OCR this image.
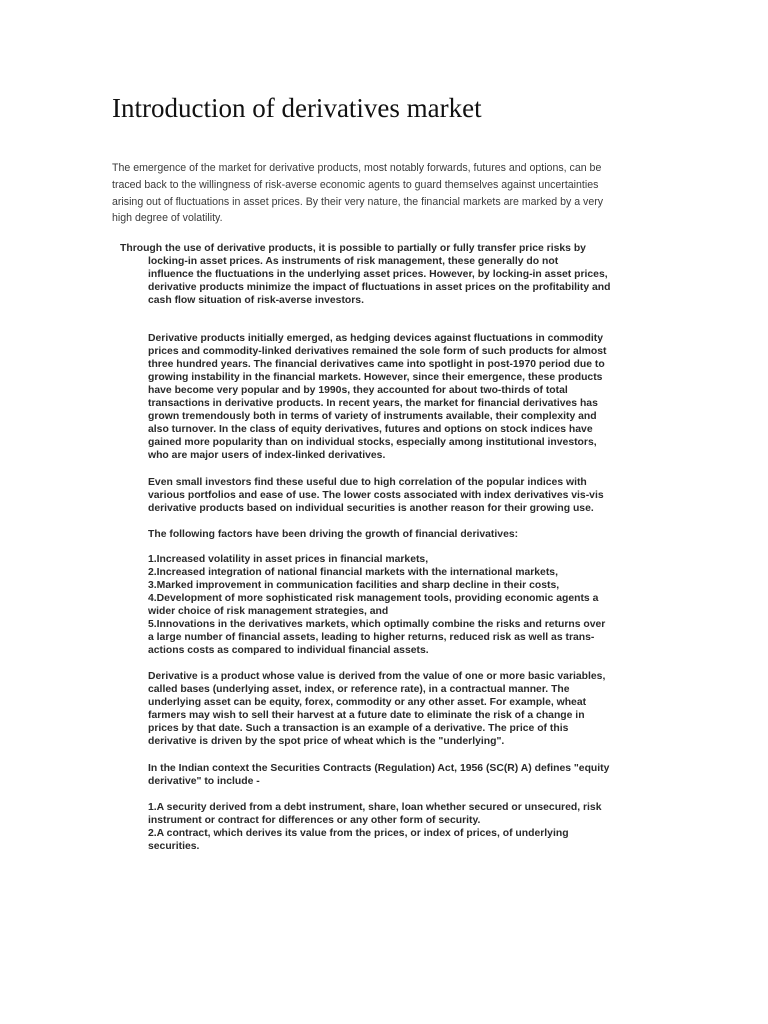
Introduction of derivatives market

The emergence of the market for derivative products, most notably forwards, futures and options, can be
traced back to the willingness of risk-averse economic agents to guard themselves against uncertainties
arising out of fluctuations in asset prices. By their very nature, the financial markets are marked by a very
high degree of volatility.

Through the use of derivative products, it is possible to partially or fully transfer price risks by
locking-in asset prices. As instruments of risk management, these generally do not
influence the fluctuations in the underlying asset prices. However, by locking-in asset prices,
derivative products minimize the impact of fluctuations in asset prices on the profitability and
cash flow situation of risk-averse investors.

Derivative products initially emerged, as hedging devices against fluctuations in commodity
prices and commodity-linked derivatives remained the sole form of such products for almost
three hundred years. The financial derivatives came into spotlight in post-1970 period due to
growing instability in the financial markets. However, since their emergence, these products
have become very popular and by 1990s, they accounted for about two-thirds of total
transactions in derivative products. In recent years, the market for financial derivatives has
grown tremendously both in terms of variety of instruments available, their complexity and
also turnover. In the class of equity derivatives, futures and options on stock indices have
gained more popularity than on individual stocks, especially among institutional investors,
who are major users of index-linked derivatives.

Even small investors find these useful due to high correlation of the popular indices with
various portfolios and ease of use. The lower costs associated with index derivatives vis-vis
derivative products based on individual securities is another reason for their growing use.

The following factors have been driving the growth of financial derivatives:

1.Increased volatility in asset prices in financial markets,
2.Increased integration of national financial markets with the international markets,
3.Marked improvement in communication facilities and sharp decline in their costs,
4.Development of more sophisticated risk management tools, providing economic agents a
wider choice of risk management strategies, and
5.Innovations in the derivatives markets, which optimally combine the risks and returns over
a large number of financial assets, leading to higher returns, reduced risk as well as trans-
actions costs as compared to individual financial assets.

Derivative is a product whose value is derived from the value of one or more basic variables,
called bases (underlying asset, index, or reference rate), in a contractual manner. The
underlying asset can be equity, forex, commodity or any other asset. For example, wheat
farmers may wish to sell their harvest at a future date to eliminate the risk of a change in
prices by that date. Such a transaction is an example of a derivative. The price of this
derivative is driven by the spot price of wheat which is the "underlying".

In the Indian context the Securities Contracts (Regulation) Act, 1956 (SC(R) A) defines "equity
derivative" to include -

1.A security derived from a debt instrument, share, loan whether secured or unsecured, risk
instrument or contract for differences or any other form of security.
2.A contract, which derives its value from the prices, or index of prices, of underlying
securities.
